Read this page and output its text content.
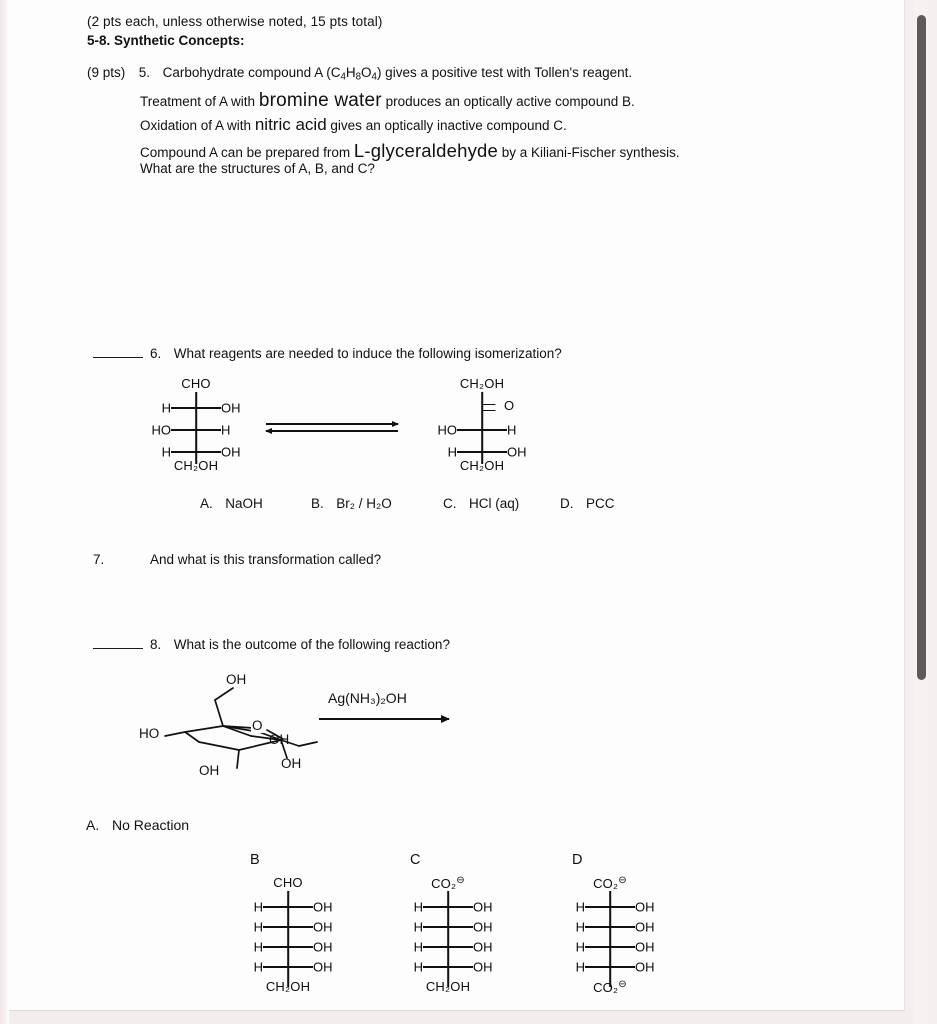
(2 pts each, unless otherwise noted, 15 pts total)
5-8. Synthetic Concepts:
(9 pts) 5. Carbohydrate compound A $(C_4H_8O_4)$ gives a positive test with Tollen's reagent.
Treatment of A with bromine water produces an optically active compound B.
Oxidation of A with nitric acid gives an optically inactive compound C.
Compound A can be prepared from L-glyceraldehyde by a Kiliani-Fischer synthesis.
What are the structures of A, B, and C?
6. What reagents are needed to induce the following isomerization?
CHO
H	OH
HO	H
H	OH
CH₂OH
CH₂OH
O
HO	H
H	OH
CH₂OH
A. NaOH	B. Br₂ / H₂O	C. HCl (aq)	D. PCC
7.	And what is this transformation called?
8. What is the outcome of the following reaction?
OH
HO
O
OH
OH
OH
Ag(NH₃)₂OH
A. No Reaction
B
CHO
H	OH
H	OH
H	OH
H	OH
CH₂OH
C
CO₂⊖
H	OH
H	OH
H	OH
H	OH
CH₂OH
D
CO₂⊖
H	OH
H	OH
H	OH
H	OH
CO₂⊖
